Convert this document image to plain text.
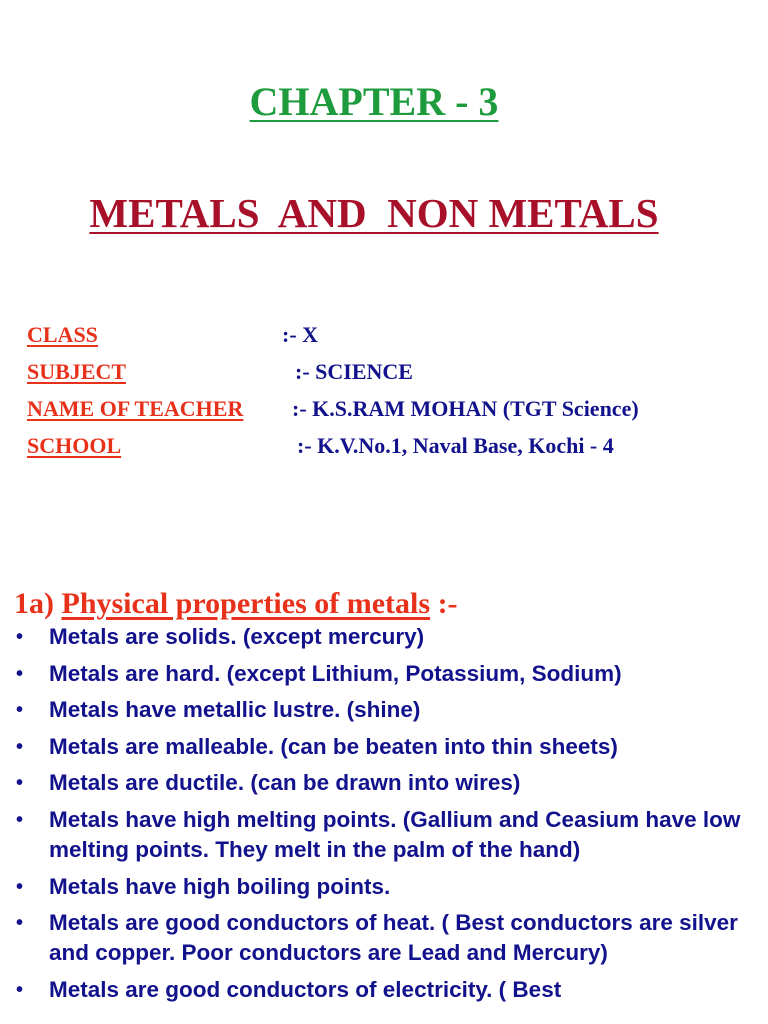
CHAPTER - 3
METALS  AND  NON METALS

CLASS

	:- X

SUBJECT

	:- SCIENCE

NAME OF TEACHER

:- K.S.RAM MOHAN (TGT Science)

SCHOOL

	:- K.V.No.1, Naval Base, Kochi - 4

1a) Physical properties of metals :-
• Metals are solids. (except mercury)
• Metals are hard. (except Lithium, Potassium, Sodium)
• Metals have metallic lustre. (shine)
• Metals are malleable. (can be beaten into thin sheets)
• Metals are ductile. (can be drawn into wires)
• Metals have high melting points. (Gallium and Ceasium have low melting points. They melt in the palm of the hand)
• Metals have high boiling points.
• Metals are good conductors of heat. ( Best conductors are silver and copper. Poor conductors are Lead and Mercury)
• Metals are good conductors of electricity. ( Best
